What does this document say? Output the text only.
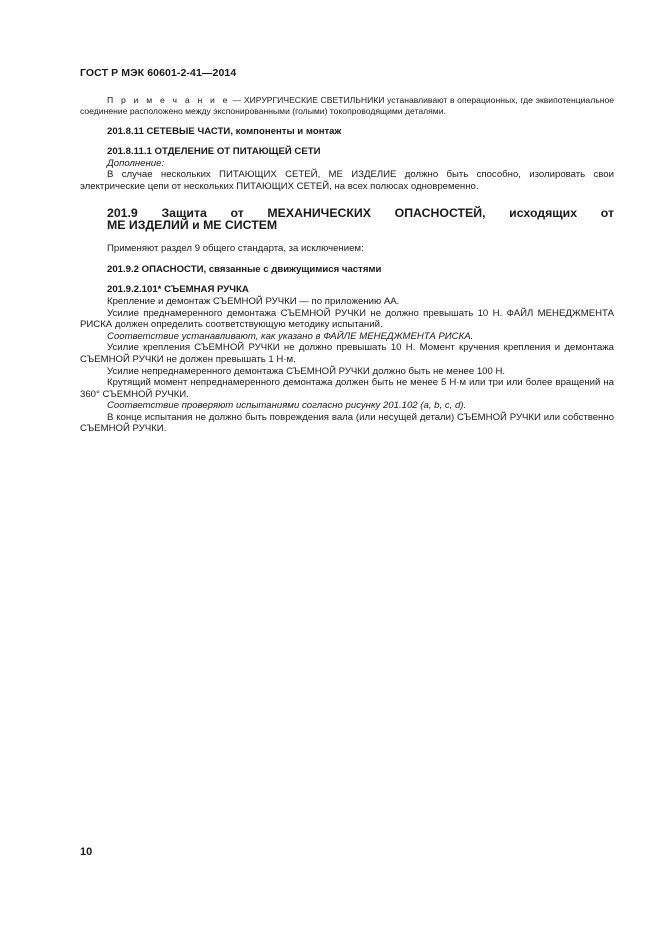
ГОСТ Р МЭК 60601-2-41—2014

П р и м е ч а н и е — ХИРУРГИЧЕСКИЕ СВЕТИЛЬНИКИ устанавливают в операционных, где эквипотенциальное соединение расположено между экспонированными (голыми) токопроводящими деталями.

201.8.11 СЕТЕВЫЕ ЧАСТИ, компоненты и монтаж

201.8.11.1 ОТДЕЛЕНИЕ ОТ ПИТАЮЩЕЙ СЕТИ

Дополнение:

В случае нескольких ПИТАЮЩИХ СЕТЕЙ, МЕ ИЗДЕЛИЕ должно быть способно, изолировать свои электрические цепи от нескольких ПИТАЮЩИХ СЕТЕЙ, на всех полюсах одновременно.

201.9 Защита от МЕХАНИЧЕСКИХ ОПАСНОСТЕЙ, исходящих от

МЕ ИЗДЕЛИЙ и МЕ СИСТЕМ

Применяют раздел 9 общего стандарта, за исключением:

201.9.2 ОПАСНОСТИ, связанные с движущимися частями

201.9.2.101* СЪЕМНАЯ РУЧКА

Крепление и демонтаж СЪЕМНОЙ РУЧКИ — по приложению АА.

Усилие преднамеренного демонтажа СЪЕМНОЙ РУЧКИ не должно превышать 10 Н. ФАЙЛ МЕНЕДЖМЕНТА РИСКА должен определить соответствующую методику испытаний.

Соответствие устанавливают, как указано в ФАЙЛЕ МЕНЕДЖМЕНТА РИСКА.

Усилие крепления СЪЕМНОЙ РУЧКИ не должно превышать 10 Н. Момент кручения крепления и демонтажа СЪЕМНОЙ РУЧКИ не должен превышать 1 Н·м.

Усилие непреднамеренного демонтажа СЪЕМНОЙ РУЧКИ должно быть не менее 100 Н.

Крутящий момент непреднамеренного демонтажа должен быть не менее 5 Н·м или три или более вращений на 360° СЪЕМНОЙ РУЧКИ.

Соответствие проверяют испытаниями согласно рисунку 201.102 (a, b, c, d).

В конце испытания не должно быть повреждения вала (или несущей детали) СЪЕМНОЙ РУЧКИ или собственно СЪЕМНОЙ РУЧКИ.

10
